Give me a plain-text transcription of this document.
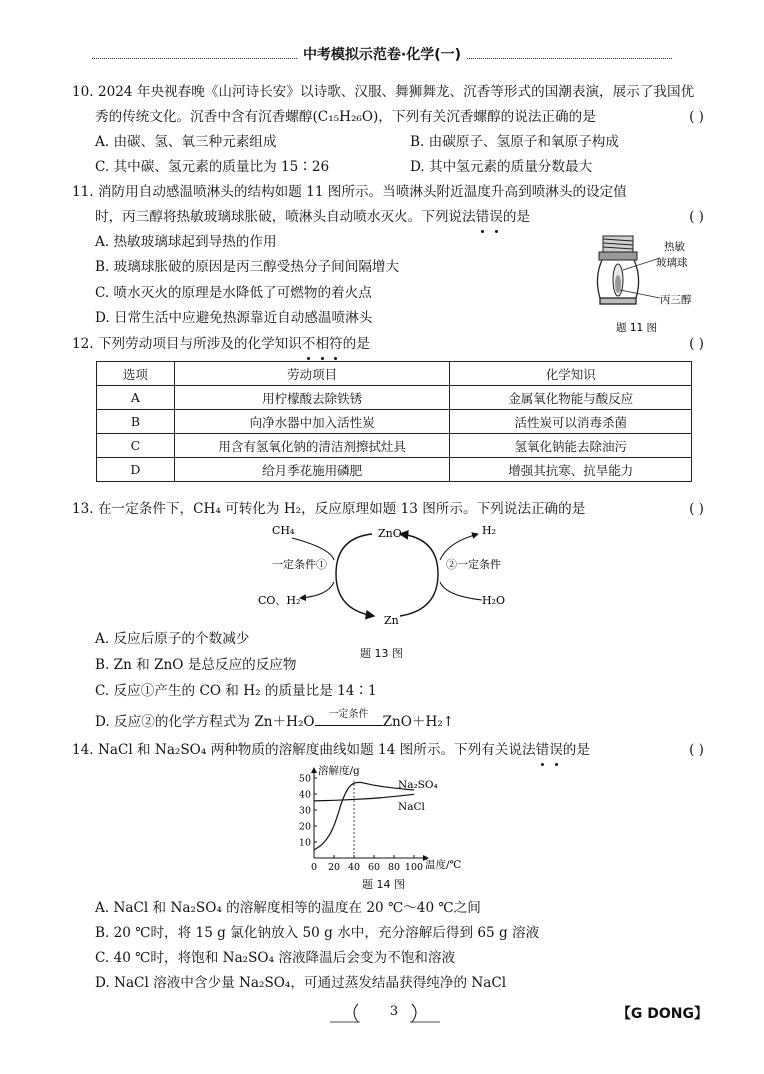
中考模拟示范卷·化学(一)
10. 2024 年央视春晚《山河诗长安》以诗歌、汉服、舞狮舞龙、沉香等形式的国潮表演，展示了我国优
秀的传统文化。沉香中含有沉香螺醇(C₁₅H₂₆O)，下列有关沉香螺醇的说法正确的是	( )
A. 由碳、氢、氧三种元素组成	B. 由碳原子、氢原子和氧原子构成
C. 其中碳、氢元素的质量比为 15∶26	D. 其中氢元素的质量分数最大
11. 消防用自动感温喷淋头的结构如题 11 图所示。当喷淋头附近温度升高到喷淋头的设定值
时，丙三醇将热敏玻璃球胀破，喷淋头自动喷水灭火。下列说法错误的是	( )
A. 热敏玻璃球起到导热的作用
B. 玻璃球胀破的原因是丙三醇受热分子间间隔增大
C. 喷水灭火的原理是水降低了可燃物的着火点
D. 日常生活中应避免热源靠近自动感温喷淋头
热敏
玻璃球
丙三醇
题 11 图
12. 下列劳动项目与所涉及的化学知识不相符的是	( )
选项	劳动项目	化学知识
A	用柠檬酸去除铁锈	金属氧化物能与酸反应
B	向净水器中加入活性炭	活性炭可以消毒杀菌
C	用含有氢氧化钠的清洁剂擦拭灶具	氢氧化钠能去除油污
D	给月季花施用磷肥	增强其抗寒、抗旱能力
13. 在一定条件下，CH₄ 可转化为 H₂，反应原理如题 13 图所示。下列说法正确的是	( )
CH₄	ZnO	H₂
一定条件①	②一定条件
CO、H₂
Zn
H₂O
题 13 图
A. 反应后原子的个数减少
B. Zn 和 ZnO 是总反应的反应物
C. 反应①产生的 CO 和 H₂ 的质量比是 14∶1
D. 反应②的化学方程式为 Zn＋H₂O	一定条件	ZnO＋H₂↑
14. NaCl 和 Na₂SO₄ 两种物质的溶解度曲线如题 14 图所示。下列有关说法错误的是	( )
10
20
30
40
50
20 40 60 80 100
溶解度/g
温度/℃
0
Na₂SO₄
NaCl
题 14 图
A. NaCl 和 Na₂SO₄ 的溶解度相等的温度在 20 ℃～40 ℃之间
B. 20 ℃时，将 15 g 氯化钠放入 50 g 水中，充分溶解后得到 65 g 溶液
C. 40 ℃时，将饱和 Na₂SO₄ 溶液降温后会变为不饱和溶液
D. NaCl 溶液中含少量 Na₂SO₄，可通过蒸发结晶获得纯净的 NaCl
3	【G DONG】
